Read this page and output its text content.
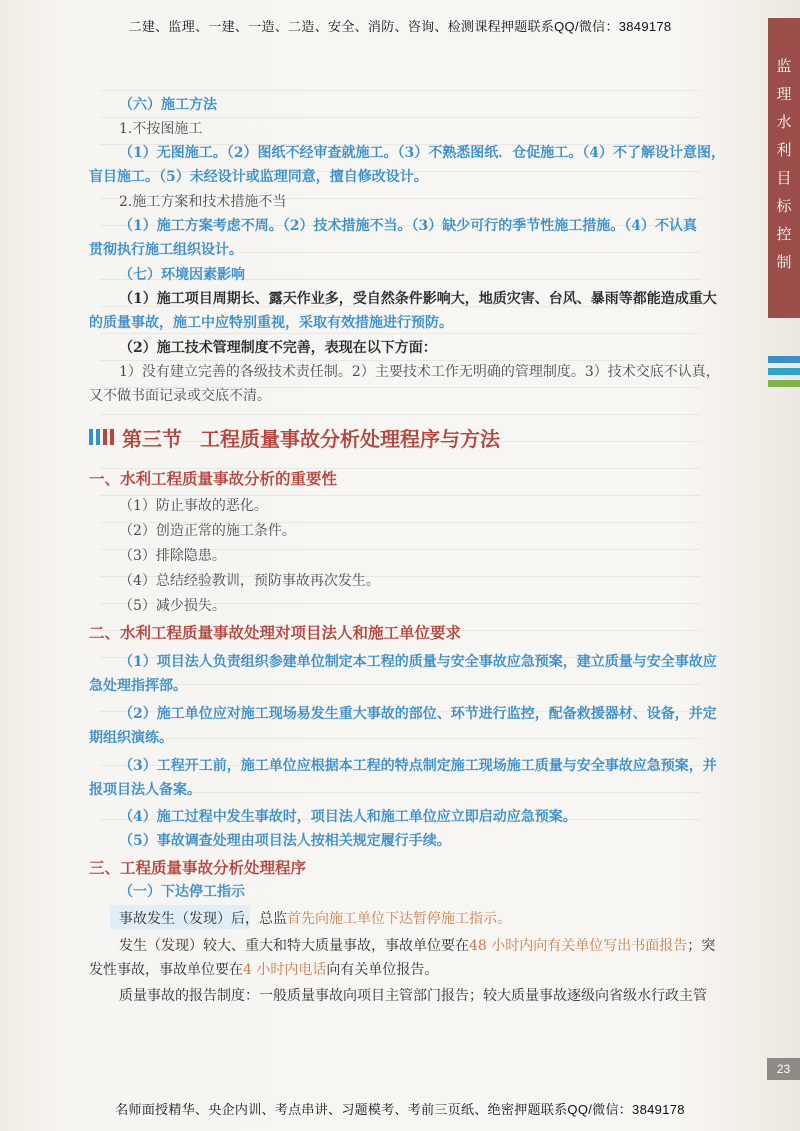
二建、监理、一建、一造、二造、安全、消防、咨询、检测课程押题联系QQ/微信：3849178
监
理
水
利
目
标
控
制
（六）施工方法
1.不按图施工
（1）无图施工。（2）图纸不经审查就施工。（3）不熟悉图纸．仓促施工。（4）不了解设计意图，
盲目施工。（5）未经设计或监理同意，擅自修改设计。
2.施工方案和技术措施不当
（1）施工方案考虑不周。（2）技术措施不当。（3）缺少可行的季节性施工措施。（4）不认真
贯彻执行施工组织设计。
（七）环境因素影响
（1）施工项目周期长、露天作业多，受自然条件影响大，地质灾害、台风、暴雨等都能造成重大
的质量事故，施工中应特别重视，采取有效措施进行预防。
（2）施工技术管理制度不完善，表现在以下方面：
1）没有建立完善的各级技术责任制。2）主要技术工作无明确的管理制度。3）技术交底不认真，
又不做书面记录或交底不清。
第三节 工程质量事故分析处理程序与方法
一、水利工程质量事故分析的重要性
（1）防止事故的恶化。
（2）创造正常的施工条件。
（3）排除隐患。
（4）总结经验教训，预防事故再次发生。
（5）减少损失。
二、水利工程质量事故处理对项目法人和施工单位要求
（1）项目法人负责组织参建单位制定本工程的质量与安全事故应急预案，建立质量与安全事故应
急处理指挥部。
（2）施工单位应对施工现场易发生重大事故的部位、环节进行监控，配备救援器材、设备，并定
期组织演练。
（3）工程开工前，施工单位应根据本工程的特点制定施工现场施工质量与安全事故应急预案，并
报项目法人备案。
（4）施工过程中发生事故时，项目法人和施工单位应立即启动应急预案。
（5）事故调查处理由项目法人按相关规定履行手续。
三、工程质量事故分析处理程序
（一）下达停工指示
事故发生（发现）后，总监首先向施工单位下达暂停施工指示。
发生（发现）较大、重大和特大质量事故，事故单位要在48 小时内向有关单位写出书面报告；突
发性事故，事故单位要在4 小时内电话向有关单位报告。
质量事故的报告制度：一般质量事故向项目主管部门报告；较大质量事故逐级向省级水行政主管
23
名师面授精华、央企内训、考点串讲、习题模考、考前三页纸、绝密押题联系QQ/微信：3849178
